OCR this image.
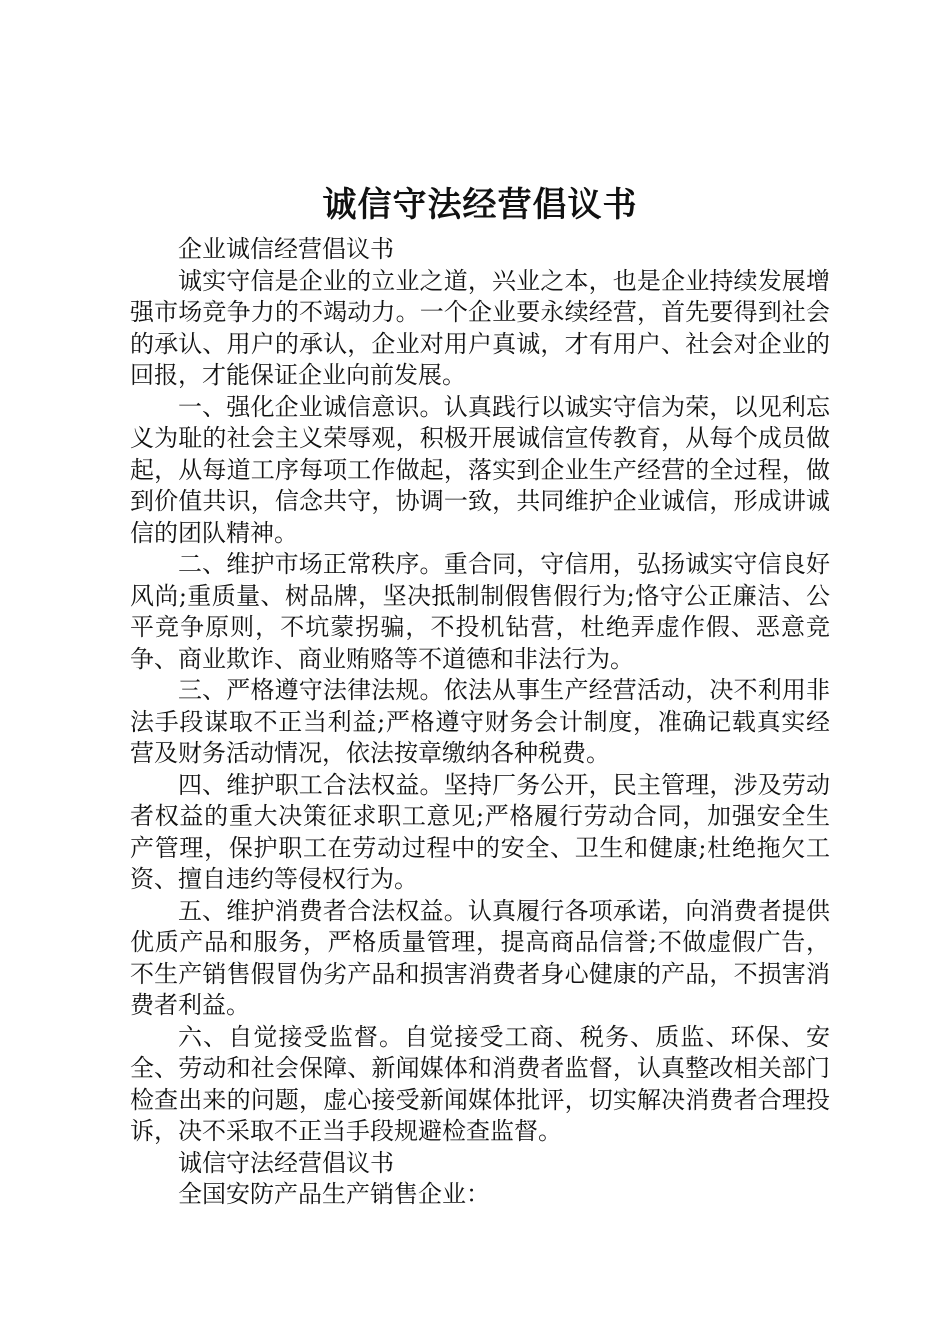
诚信守法经营倡议书

企业诚信经营倡议书

诚实守信是企业的立业之道，兴业之本，也是企业持续发展增强市场竞争力的不竭动力。一个企业要永续经营，首先要得到社会的承认、用户的承认，企业对用户真诚，才有用户、社会对企业的回报，才能保证企业向前发展。

一、强化企业诚信意识。认真践行以诚实守信为荣，以见利忘义为耻的社会主义荣辱观，积极开展诚信宣传教育，从每个成员做起，从每道工序每项工作做起，落实到企业生产经营的全过程，做到价值共识，信念共守，协调一致，共同维护企业诚信，形成讲诚信的团队精神。

二、维护市场正常秩序。重合同，守信用，弘扬诚实守信良好风尚;重质量、树品牌，坚决抵制制假售假行为;恪守公正廉洁、公平竞争原则，不坑蒙拐骗，不投机钻营，杜绝弄虚作假、恶意竞争、商业欺诈、商业贿赂等不道德和非法行为。

三、严格遵守法律法规。依法从事生产经营活动，决不利用非法手段谋取不正当利益;严格遵守财务会计制度，准确记载真实经营及财务活动情况，依法按章缴纳各种税费。

四、维护职工合法权益。坚持厂务公开，民主管理，涉及劳动者权益的重大决策征求职工意见;严格履行劳动合同，加强安全生产管理，保护职工在劳动过程中的安全、卫生和健康;杜绝拖欠工资、擅自违约等侵权行为。

五、维护消费者合法权益。认真履行各项承诺，向消费者提供优质产品和服务，严格质量管理，提高商品信誉;不做虚假广告，不生产销售假冒伪劣产品和损害消费者身心健康的产品，不损害消费者利益。

六、自觉接受监督。自觉接受工商、税务、质监、环保、安全、劳动和社会保障、新闻媒体和消费者监督，认真整改相关部门检查出来的问题，虚心接受新闻媒体批评，切实解决消费者合理投诉，决不采取不正当手段规避检查监督。

诚信守法经营倡议书

全国安防产品生产销售企业：
